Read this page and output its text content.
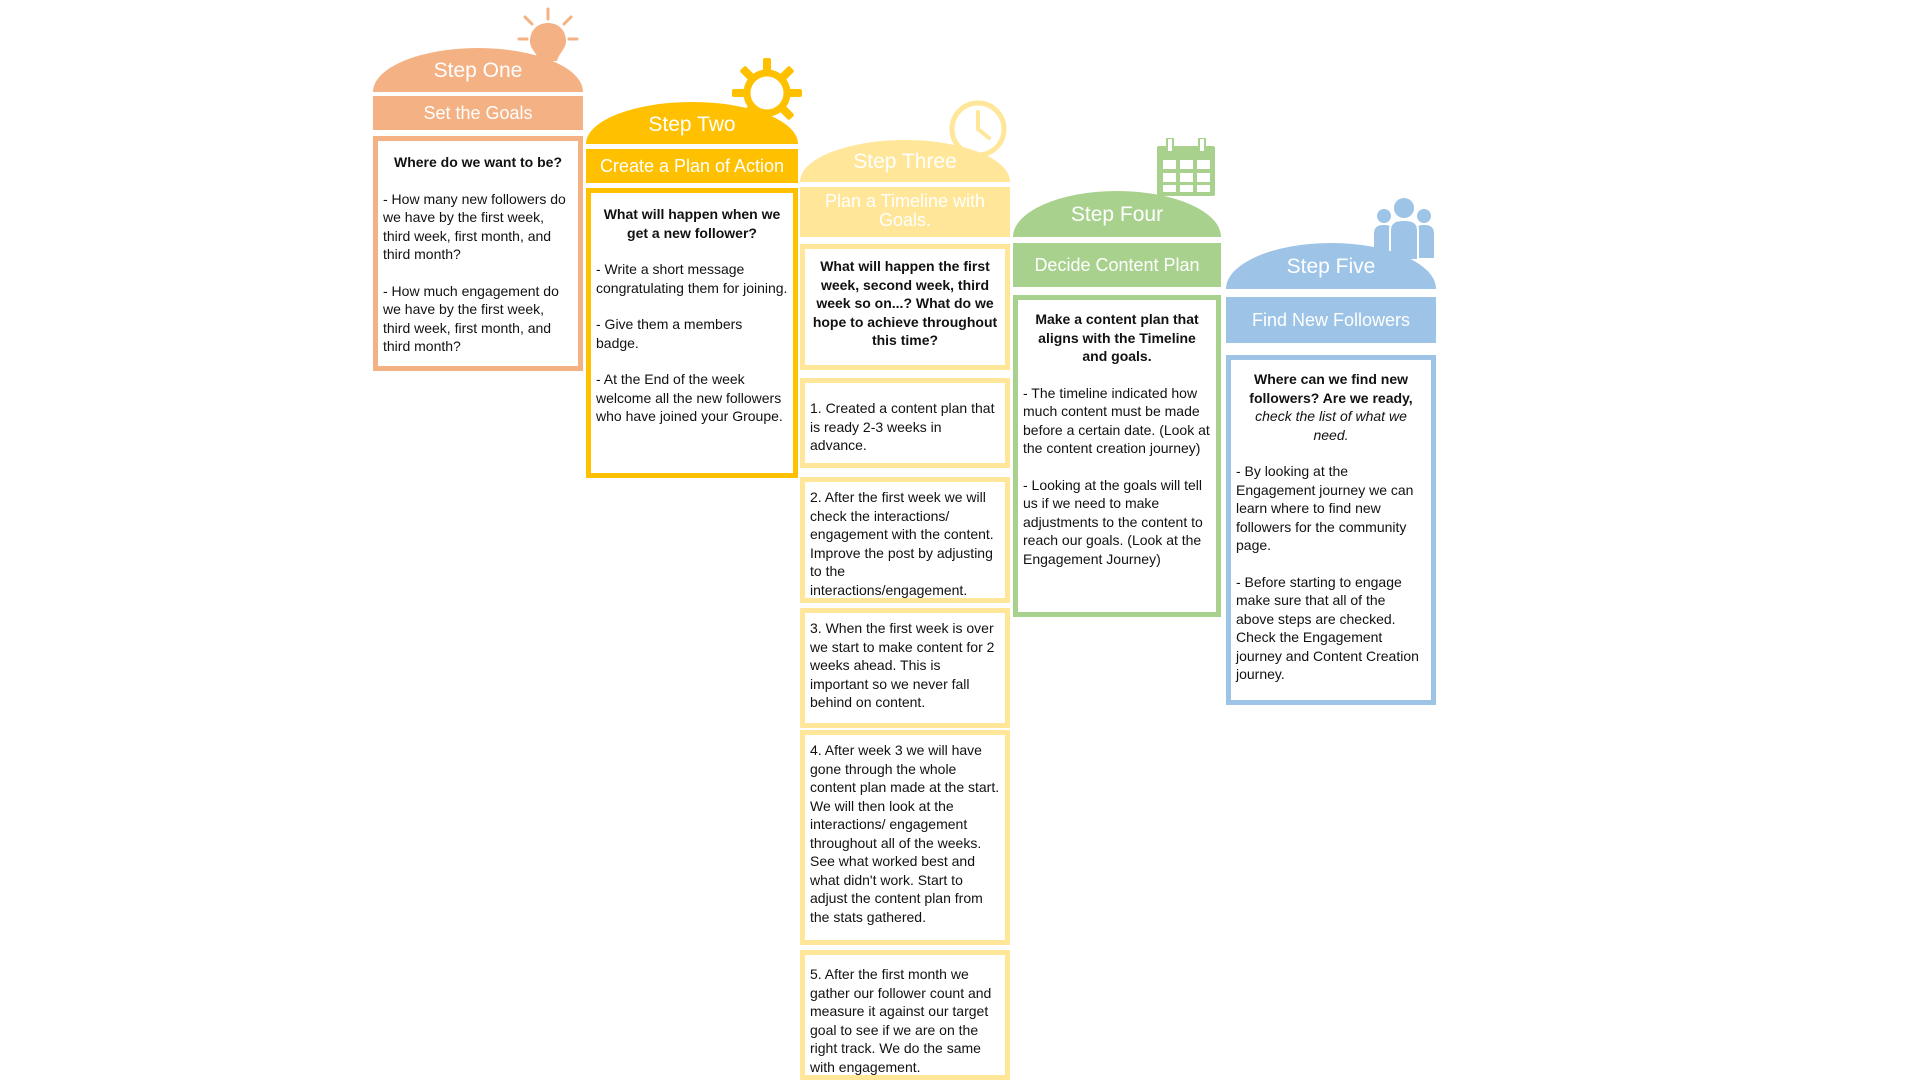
Step One
Set the Goals

Where do we want to be?

- How many new followers do we have by the first week, third week, first month, and third month?

- How much engagement do we have by the first week, third week, first month, and third month?

Step Two
Create a Plan of Action

What will happen when we get a new follower?

- Write a short message congratulating them for joining.

- Give them a members badge.

- At the End of the week welcome all the new followers who have joined your Groupe.

Step Three
Plan a Timeline with Goals.

What will happen the first week, second week, third week so on...? What do we hope to achieve throughout this time?

1. Created a content plan that is ready 2-3 weeks in advance.

2. After the first week we will check the interactions/ engagement with the content. Improve the post by adjusting to the interactions/engagement.

3. When the first week is over we start to make content for 2 weeks ahead. This is important so we never fall behind on content.

4. After week 3 we will have gone through the whole content plan made at the start. We will then look at the interactions/ engagement throughout all of the weeks. See what worked best and what didn't work. Start to adjust the content plan from the stats gathered.

5. After the first month we gather our follower count and measure it against our target goal to see if we are on the right track. We do the same with engagement.

Step Four
Decide Content Plan

Make a content plan that aligns with the Timeline and goals.

- The timeline indicated how much content must be made before a certain date. (Look at the content creation journey)

- Looking at the goals will tell us if we need to make adjustments to the content to reach our goals. (Look at the Engagement Journey)

Step Five
Find New Followers

Where can we find new followers? Are we ready,

check the list of what we need.

- By looking at the Engagement journey we can learn where to find new followers for the community page.

- Before starting to engage make sure that all of the above steps are checked. Check the Engagement journey and Content Creation journey.
